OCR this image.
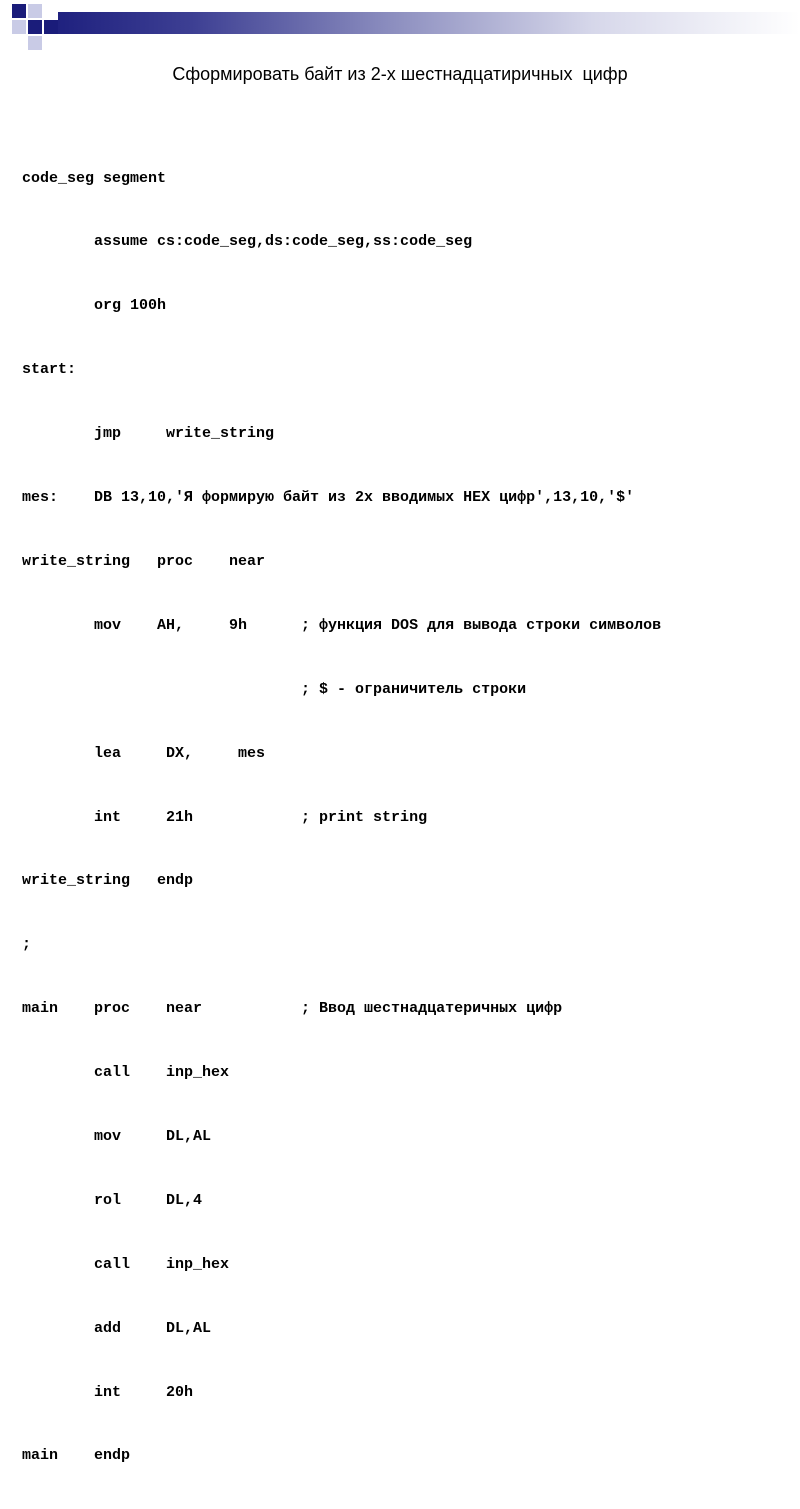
Сформировать байт из 2-х шестнадцатиричных  цифр

code_seg segment

assume cs:code_seg,ds:code_seg,ss:code_seg

org 100h

start:

jmp     write_string

mes:    DB 13,10,'Я формирую байт из 2х вводимых HEX цифр',13,10,'$'

write_string   proc    near

mov    AH,     9h      ; функция DOS для вывода строки символов

; $ - ограничитель строки

lea     DX,     mes

int     21h            ; print string

write_string   endp

;

main    proc    near           ; Ввод шестнадцатеричных цифр

call    inp_hex

mov     DL,AL

rol     DL,4

call    inp_hex

add     DL,AL

int     20h

main    endp
